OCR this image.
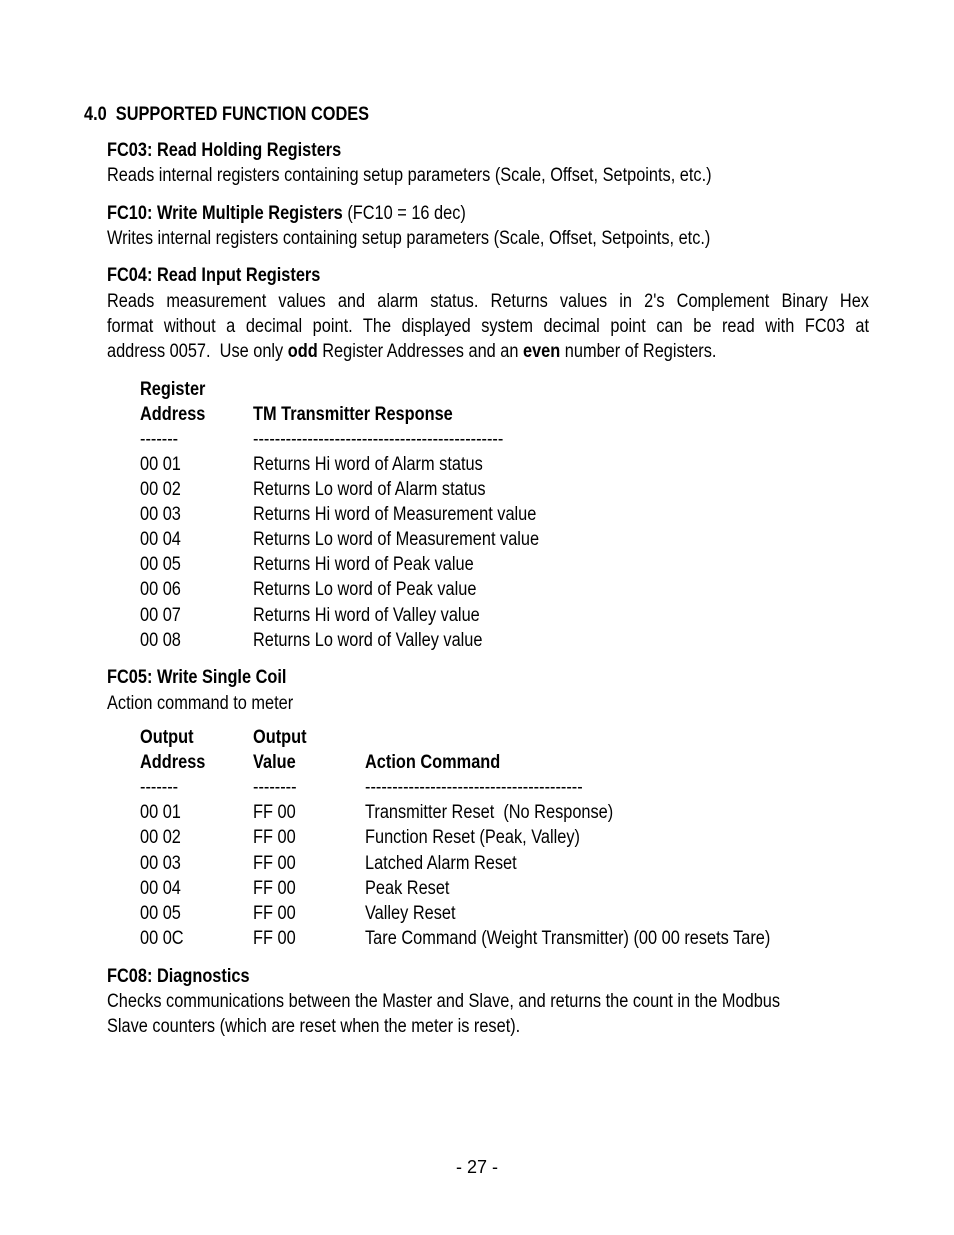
4.0  SUPPORTED FUNCTION CODES
FC03: Read Holding Registers
Reads internal registers containing setup parameters (Scale, Offset, Setpoints, etc.)
FC10: Write Multiple Registers (FC10 = 16 dec)
Writes internal registers containing setup parameters (Scale, Offset, Setpoints, etc.)
FC04: Read Input Registers
Reads measurement values and alarm status. Returns values in 2's Complement Binary Hex
format without a decimal point. The displayed system decimal point can be read with FC03 at
address 0057.  Use only odd Register Addresses and an even number of Registers.
Register
Address	TM Transmitter Response
-------	----------------------------------------------
00 01	Returns Hi word of Alarm status
00 02	Returns Lo word of Alarm status
00 03	Returns Hi word of Measurement value
00 04	Returns Lo word of Measurement value
00 05	Returns Hi word of Peak value
00 06	Returns Lo word of Peak value
00 07	Returns Hi word of Valley value
00 08	Returns Lo word of Valley value
FC05: Write Single Coil
Action command to meter
Output	Output
Address	Value	Action Command
-------	--------	----------------------------------------
00 01	FF 00	Transmitter Reset  (No Response)
00 02	FF 00	Function Reset (Peak, Valley)
00 03	FF 00	Latched Alarm Reset
00 04	FF 00	Peak Reset
00 05	FF 00	Valley Reset
00 0C	FF 00	Tare Command (Weight Transmitter) (00 00 resets Tare)
FC08: Diagnostics
Checks communications between the Master and Slave, and returns the count in the Modbus
Slave counters (which are reset when the meter is reset).
- 27 -
